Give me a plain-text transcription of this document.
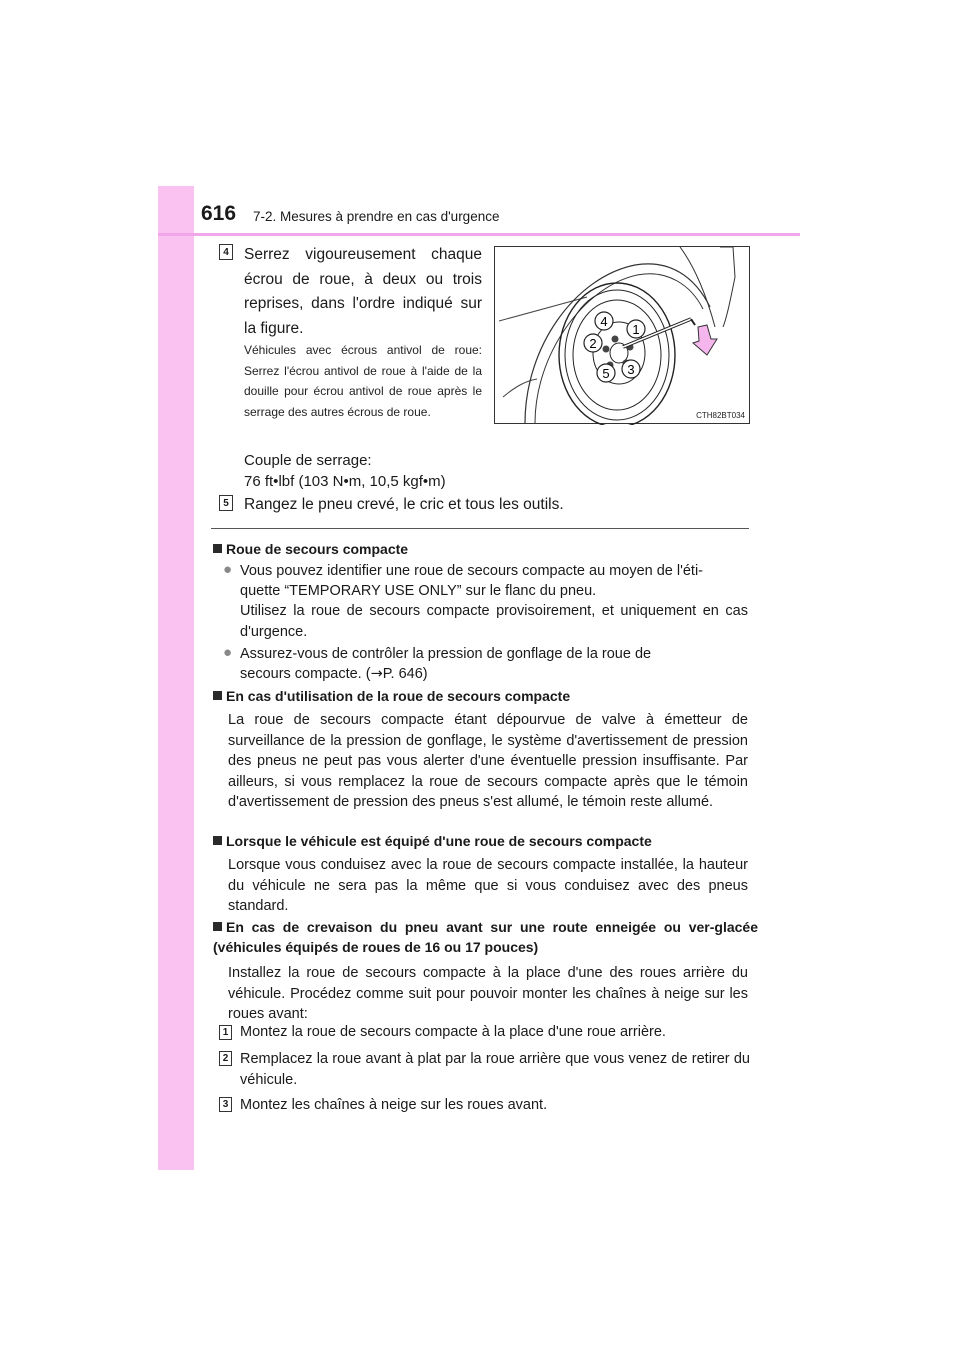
616 7-2. Mesures à prendre en cas d'urgence
4 Serrez vigoureusement chaque écrou de roue, à deux ou trois reprises, dans l'ordre indiqué sur la figure.
Véhicules avec écrous antivol de roue: Serrez l'écrou antivol de roue à l'aide de la douille pour écrou antivol de roue après le serrage des autres écrous de roue.
Couple de serrage:
76 ft•lbf (103 N•m, 10,5 kgf•m)
4
1
2
3
5
CTH82BT034
5 Rangez le pneu crevé, le cric et tous les outils.
Roue de secours compacte
● Vous pouvez identifier une roue de secours compacte au moyen de l'éti-
quette “TEMPORARY USE ONLY” sur le flanc du pneu.
Utilisez la roue de secours compacte provisoirement, et uniquement en cas d'urgence.
● Assurez-vous de contrôler la pression de gonflage de la roue de
secours compacte. (→P. 646)
En cas d'utilisation de la roue de secours compacte
La roue de secours compacte étant dépourvue de valve à émetteur de surveillance de la pression de gonflage, le système d'avertissement de pression des pneus ne peut pas vous alerter d'une éventuelle pression insuffisante. Par ailleurs, si vous remplacez la roue de secours compacte après que le témoin d'avertissement de pression des pneus s'est allumé, le témoin reste allumé.
Lorsque le véhicule est équipé d'une roue de secours compacte
Lorsque vous conduisez avec la roue de secours compacte installée, la hauteur du véhicule ne sera pas la même que si vous conduisez avec des pneus standard.
En cas de crevaison du pneu avant sur une route enneigée ou ver-glacée (véhicules équipés de roues de 16 ou 17 pouces)
Installez la roue de secours compacte à la place d'une des roues arrière du véhicule. Procédez comme suit pour pouvoir monter les chaînes à neige sur les roues avant:
1 Montez la roue de secours compacte à la place d'une roue arrière.
2 Remplacez la roue avant à plat par la roue arrière que vous venez de retirer du véhicule.
3 Montez les chaînes à neige sur les roues avant.
